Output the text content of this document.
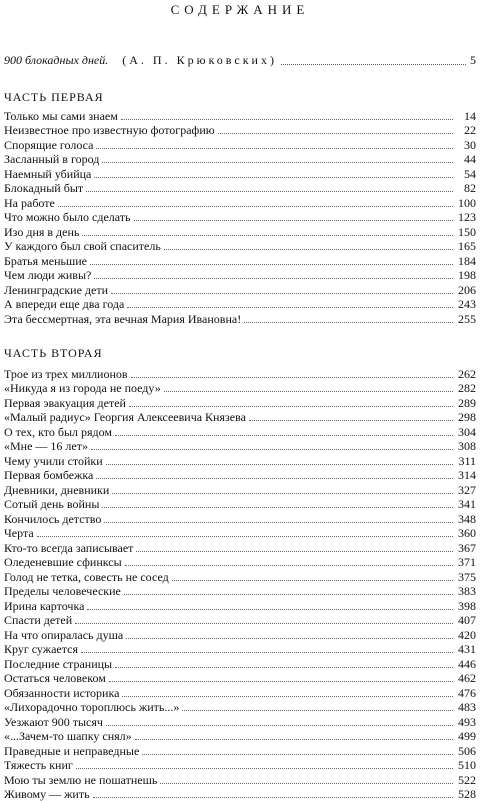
СОДЕРЖАНИЕ
900 блокадных дней. (А. П. Крюковских)	5
ЧАСТЬ ПЕРВАЯ
Только мы сами знаем	14
Неизвестное про известную фотографию	22
Спорящие голоса	30
Засланный в город	44
Наемный убийца	54
Блокадный быт	82
На работе	100
Что можно было сделать	123
Изо дня в день	150
У каждого был свой спаситель	165
Братья меньшие	184
Чем люди живы?	198
Ленинградские дети	206
А впереди еще два года	243
Эта бессмертная, эта вечная Мария Ивановна!	255
ЧАСТЬ ВТОРАЯ
Трое из трех миллионов	262
«Никуда я из города не поеду»	282
Первая эвакуация детей	289
«Малый радиус» Георгия Алексеевича Князева	298
О тех, кто был рядом	304
«Мне — 16 лет»	308
Чему учили стойки	311
Первая бомбежка	314
Дневники, дневники	327
Сотый день войны	341
Кончилось детство	348
Черта	360
Кто-то всегда записывает	367
Оледеневшие сфинксы	371
Голод не тетка, совесть не сосед	375
Пределы человеческие	383
Ирина карточка	398
Спасти детей	407
На что опиралась душа	420
Круг сужается	431
Последние страницы	446
Остаться человеком	462
Обязанности историка	476
«Лихорадочно тороплюсь жить...»	483
Уезжают 900 тысяч	493
«...Зачем-то шапку снял»	499
Праведные и неправедные	506
Тяжесть книг	510
Мою ты землю не пошатнешь	522
Живому — жить	528
